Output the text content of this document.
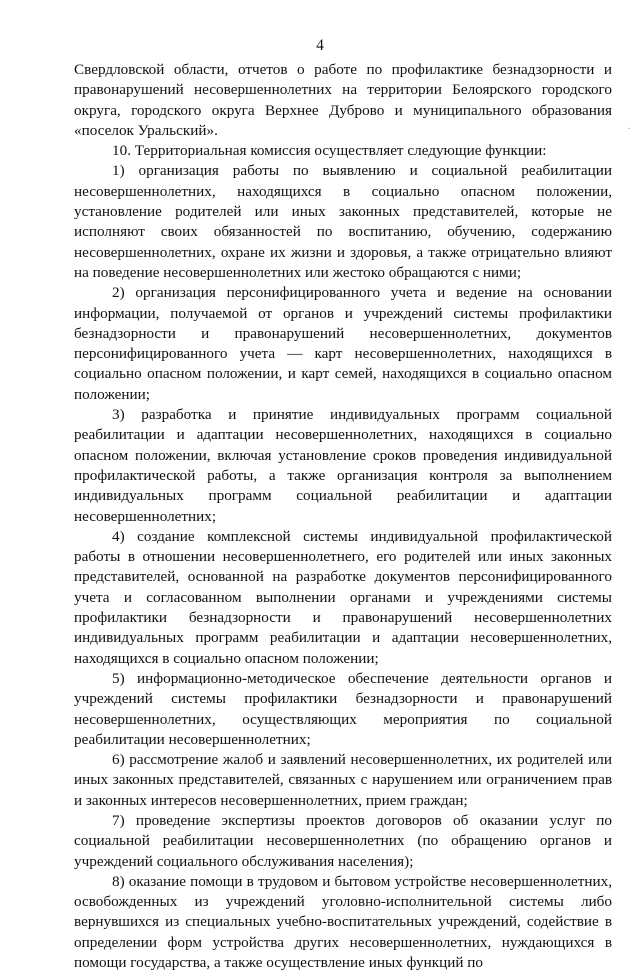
4
·

Свердловской области, отчетов о работе по профилактике безнадзорности и правонарушений несовершеннолетних на территории Белоярского городского округа, городского округа Верхнее Дуброво и муниципального образования «поселок Уральский».

10. Территориальная комиссия осуществляет следующие функции:

1) организация работы по выявлению и социальной реабилитации несовершеннолетних, находящихся в социально опасном положении, установление родителей или иных законных представителей, которые не исполняют своих обязанностей по воспитанию, обучению, содержанию несовершеннолетних, охране их жизни и здоровья, а также отрицательно влияют на поведение несовершеннолетних или жестоко обращаются с ними;

2) организация персонифицированного учета и ведение на основании информации, получаемой от органов и учреждений системы профилактики безнадзорности и правонарушений несовершеннолетних, документов персонифицированного учета — карт несовершеннолетних, находящихся в социально опасном положении, и карт семей, находящихся в социально опасном положении;

3) разработка и принятие индивидуальных программ социальной реабилитации и адаптации несовершеннолетних, находящихся в социально опасном положении, включая установление сроков проведения индивидуальной профилактической работы, а также организация контроля за выполнением индивидуальных программ социальной реабилитации и адаптации несовершеннолетних;

4) создание комплексной системы индивидуальной профилактической работы в отношении несовершеннолетнего, его родителей или иных законных представителей, основанной на разработке документов персонифицированного учета и согласованном выполнении органами и учреждениями системы профилактики безнадзорности и правонарушений несовершеннолетних индивидуальных программ реабилитации и адаптации несовершеннолетних, находящихся в социально опасном положении;

5) информационно-методическое обеспечение деятельности органов и учреждений системы профилактики безнадзорности и правонарушений несовершеннолетних, осуществляющих мероприятия по социальной реабилитации несовершеннолетних;

6) рассмотрение жалоб и заявлений несовершеннолетних, их родителей или иных законных представителей, связанных с нарушением или ограничением прав и законных интересов несовершеннолетних, прием граждан;

7) проведение экспертизы проектов договоров об оказании услуг по социальной реабилитации несовершеннолетних (по обращению органов и учреждений социального обслуживания населения);

8) оказание помощи в трудовом и бытовом устройстве несовершеннолетних, освобожденных из учреждений уголовно-исполнительной системы либо вернувшихся из специальных учебно-воспитательных учреждений, содействие в определении форм устройства других несовершеннолетних, нуждающихся в помощи государства, а также осуществление иных функций по
